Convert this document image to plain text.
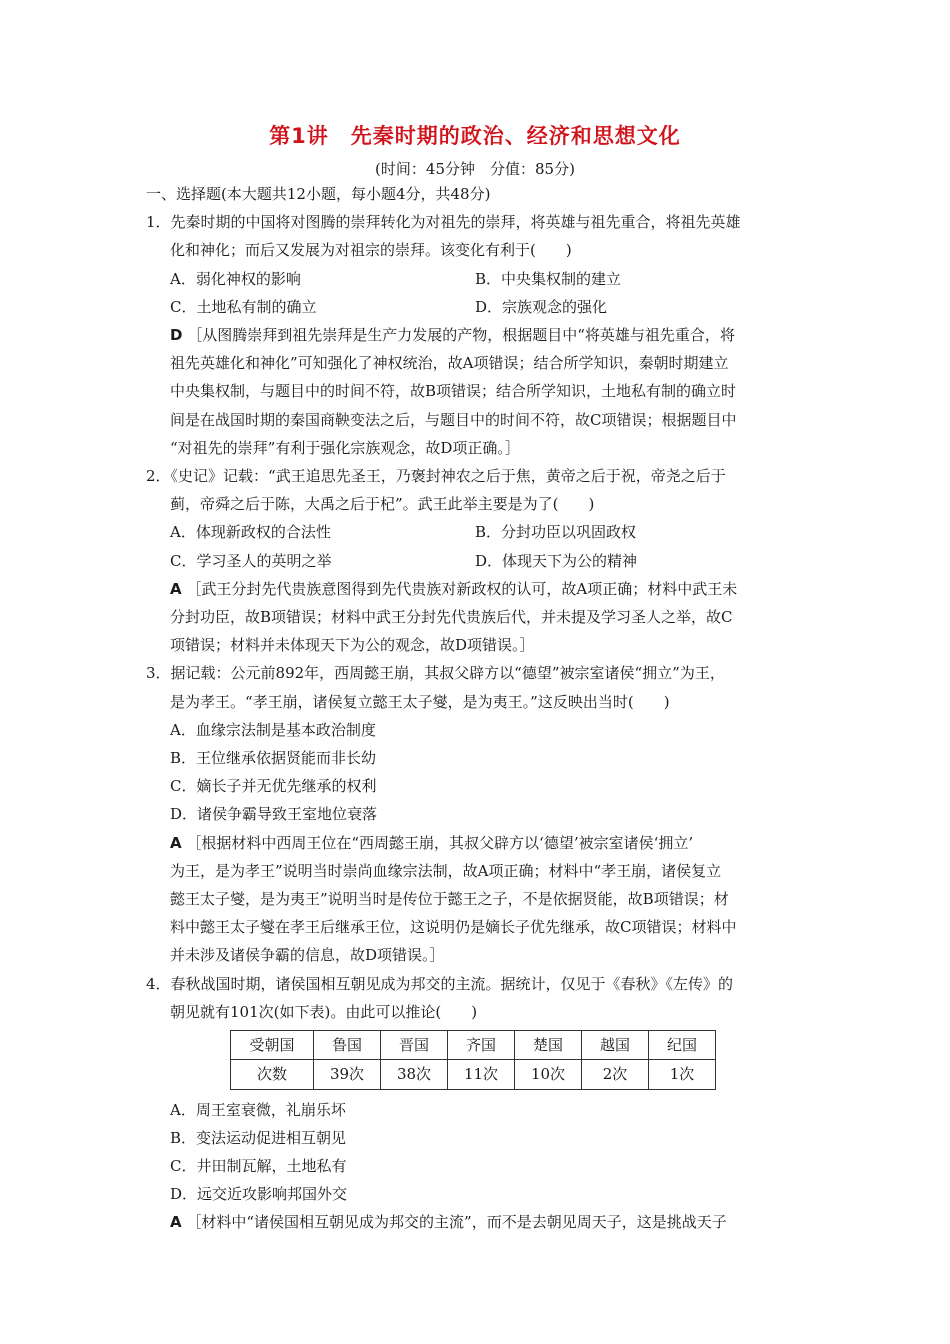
第1讲　先秦时期的政治、经济和思想文化
(时间：45分钟　分值：85分)
一、选择题(本大题共12小题，每小题4分，共48分)
1．先秦时期的中国将对图腾的崇拜转化为对祖先的崇拜，将英雄与祖先重合，将祖先英雄
化和神化；而后又发展为对祖宗的崇拜。该变化有利于(　　)
A．弱化神权的影响	B．中央集权制的建立
C．土地私有制的确立	D．宗族观念的强化
D ［从图腾崇拜到祖先崇拜是生产力发展的产物，根据题目中“将英雄与祖先重合，将
祖先英雄化和神化”可知强化了神权统治，故A项错误；结合所学知识，秦朝时期建立
中央集权制，与题目中的时间不符，故B项错误；结合所学知识，土地私有制的确立时
间是在战国时期的秦国商鞅变法之后，与题目中的时间不符，故C项错误；根据题目中
“对祖先的崇拜”有利于强化宗族观念，故D项正确。］
2．《史记》记载：“武王追思先圣王，乃褒封神农之后于焦，黄帝之后于祝，帝尧之后于
蓟，帝舜之后于陈，大禹之后于杞”。武王此举主要是为了(　　)
A．体现新政权的合法性	B．分封功臣以巩固政权
C．学习圣人的英明之举	D．体现天下为公的精神
A ［武王分封先代贵族意图得到先代贵族对新政权的认可，故A项正确；材料中武王未
分封功臣，故B项错误；材料中武王分封先代贵族后代，并未提及学习圣人之举，故C
项错误；材料并未体现天下为公的观念，故D项错误。］
3．据记载：公元前892年，西周懿王崩，其叔父辟方以“德望”被宗室诸侯“拥立”为王，
是为孝王。“孝王崩，诸侯复立懿王太子燮，是为夷王。”这反映出当时(　　)
A．血缘宗法制是基本政治制度
B．王位继承依据贤能而非长幼
C．嫡长子并无优先继承的权利
D．诸侯争霸导致王室地位衰落
A ［根据材料中西周王位在“西周懿王崩，其叔父辟方以‘德望’被宗室诸侯‘拥立’
为王，是为孝王”说明当时崇尚血缘宗法制，故A项正确；材料中“孝王崩，诸侯复立
懿王太子燮，是为夷王”说明当时是传位于懿王之子，不是依据贤能，故B项错误；材
料中懿王太子燮在孝王后继承王位，这说明仍是嫡长子优先继承，故C项错误；材料中
并未涉及诸侯争霸的信息，故D项错误。］
4．春秋战国时期，诸侯国相互朝见成为邦交的主流。据统计，仅见于《春秋》《左传》的
朝见就有101次(如下表)。由此可以推论(　　)
受朝国	鲁国	晋国	齐国	楚国	越国	纪国
次数	39次	38次	11次	10次	2次	1次
A．周王室衰微，礼崩乐坏
B．变法运动促进相互朝见
C．井田制瓦解，土地私有
D．远交近攻影响邦国外交
A ［材料中“诸侯国相互朝见成为邦交的主流”，而不是去朝见周天子，这是挑战天子
